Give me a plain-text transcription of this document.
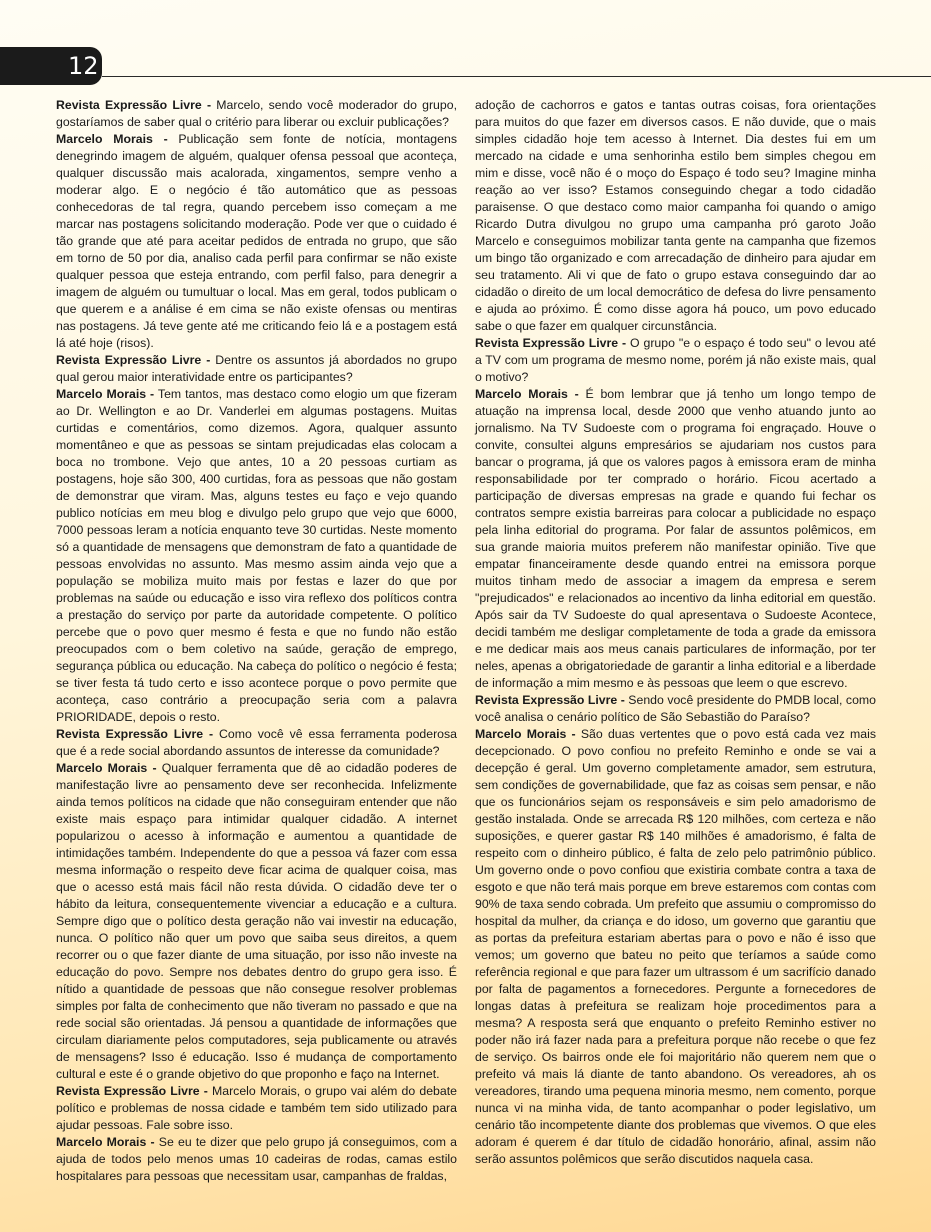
12

Revista Expressão Livre - Marcelo, sendo você moderador do grupo, gostaríamos de saber qual o critério para liberar ou excluir publicações?

Marcelo Morais - Publicação sem fonte de notícia, montagens denegrindo imagem de alguém, qualquer ofensa pessoal que aconteça, qualquer discussão mais acalorada, xingamentos, sempre venho a moderar algo. E o negócio é tão automático que as pessoas conhecedoras de tal regra, quando percebem isso começam a me marcar nas postagens solicitando moderação. Pode ver que o cuidado é tão grande que até para aceitar pedidos de entrada no grupo, que são em torno de 50 por dia, analiso cada perfil para confirmar se não existe qualquer pessoa que esteja entrando, com perfil falso, para denegrir a imagem de alguém ou tumultuar o local. Mas em geral, todos publicam o que querem e a análise é em cima se não existe ofensas ou mentiras nas postagens. Já teve gente até me criticando feio lá e a postagem está lá até hoje (risos).

Revista Expressão Livre - Dentre os assuntos já abordados no grupo qual gerou maior interatividade entre os participantes?

Marcelo Morais - Tem tantos, mas destaco como elogio um que fizeram ao Dr. Wellington e ao Dr. Vanderlei em algumas postagens. Muitas curtidas e comentários, como dizemos. Agora, qualquer assunto momentâneo e que as pessoas se sintam prejudicadas elas colocam a boca no trombone. Vejo que antes, 10 a 20 pessoas curtiam as postagens, hoje são 300, 400 curtidas, fora as pessoas que não gostam de demonstrar que viram. Mas, alguns testes eu faço e vejo quando publico notícias em meu blog e divulgo pelo grupo que vejo que 6000, 7000 pessoas leram a notícia enquanto teve 30 curtidas. Neste momento só a quantidade de mensagens que demonstram de fato a quantidade de pessoas envolvidas no assunto. Mas mesmo assim ainda vejo que a população se mobiliza muito mais por festas e lazer do que por problemas na saúde ou educação e isso vira reflexo dos políticos contra a prestação do serviço por parte da autoridade competente. O político percebe que o povo quer mesmo é festa e que no fundo não estão preocupados com o bem coletivo na saúde, geração de emprego, segurança pública ou educação. Na cabeça do político o negócio é festa; se tiver festa tá tudo certo e isso acontece porque o povo permite que aconteça, caso contrário a preocupação seria com a palavra PRIORIDADE, depois o resto.

Revista Expressão Livre - Como você vê essa ferramenta poderosa que é a rede social abordando assuntos de interesse da comunidade?

Marcelo Morais - Qualquer ferramenta que dê ao cidadão poderes de manifestação livre ao pensamento deve ser reconhecida. Infelizmente ainda temos políticos na cidade que não conseguiram entender que não existe mais espaço para intimidar qualquer cidadão. A internet popularizou o acesso à informação e aumentou a quantidade de intimidações também. Independente do que a pessoa vá fazer com essa mesma informação o respeito deve ficar acima de qualquer coisa, mas que o acesso está mais fácil não resta dúvida. O cidadão deve ter o hábito da leitura, consequentemente vivenciar a educação e a cultura. Sempre digo que o político desta geração não vai investir na educação, nunca. O político não quer um povo que saiba seus direitos, a quem recorrer ou o que fazer diante de uma situação, por isso não investe na educação do povo. Sempre nos debates dentro do grupo gera isso. É nítido a quantidade de pessoas que não consegue resolver problemas simples por falta de conhecimento que não tiveram no passado e que na rede social são orientadas. Já pensou a quantidade de informações que circulam diariamente pelos computadores, seja publicamente ou através de mensagens? Isso é educação. Isso é mudança de comportamento cultural e este é o grande objetivo do que proponho e faço na Internet.

Revista Expressão Livre - Marcelo Morais, o grupo vai além do debate político e problemas de nossa cidade e também tem sido utilizado para ajudar pessoas. Fale sobre isso.

Marcelo Morais - Se eu te dizer que pelo grupo já conseguimos, com a ajuda de todos pelo menos umas 10 cadeiras de rodas, camas estilo hospitalares para pessoas que necessitam usar, campanhas de fraldas,

adoção de cachorros e gatos e tantas outras coisas, fora orientações para muitos do que fazer em diversos casos. E não duvide, que o mais simples cidadão hoje tem acesso à Internet. Dia destes fui em um mercado na cidade e uma senhorinha estilo bem simples chegou em mim e disse, você não é o moço do Espaço é todo seu? Imagine minha reação ao ver isso? Estamos conseguindo chegar a todo cidadão paraisense. O que destaco como maior campanha foi quando o amigo Ricardo Dutra divulgou no grupo uma campanha pró garoto João Marcelo e conseguimos mobilizar tanta gente na campanha que fizemos um bingo tão organizado e com arrecadação de dinheiro para ajudar em seu tratamento. Ali vi que de fato o grupo estava conseguindo dar ao cidadão o direito de um local democrático de defesa do livre pensamento e ajuda ao próximo. É como disse agora há pouco, um povo educado sabe o que fazer em qualquer circunstância.

Revista Expressão Livre - O grupo "e o espaço é todo seu" o levou até a TV com um programa de mesmo nome, porém já não existe mais, qual o motivo?

Marcelo Morais - É bom lembrar que já tenho um longo tempo de atuação na imprensa local, desde 2000 que venho atuando junto ao jornalismo. Na TV Sudoeste com o programa foi engraçado. Houve o convite, consultei alguns empresários se ajudariam nos custos para bancar o programa, já que os valores pagos à emissora eram de minha responsabilidade por ter comprado o horário. Ficou acertado a participação de diversas empresas na grade e quando fui fechar os contratos sempre existia barreiras para colocar a publicidade no espaço pela linha editorial do programa. Por falar de assuntos polêmicos, em sua grande maioria muitos preferem não manifestar opinião. Tive que empatar financeiramente desde quando entrei na emissora porque muitos tinham medo de associar a imagem da empresa e serem "prejudicados" e relacionados ao incentivo da linha editorial em questão. Após sair da TV Sudoeste do qual apresentava o Sudoeste Acontece, decidi também me desligar completamente de toda a grade da emissora e me dedicar mais aos meus canais particulares de informação, por ter neles, apenas a obrigatoriedade de garantir a linha editorial e a liberdade de informação a mim mesmo e às pessoas que leem o que escrevo.

Revista Expressão Livre - Sendo você presidente do PMDB local, como você analisa o cenário político de São Sebastião do Paraíso?

Marcelo Morais - São duas vertentes que o povo está cada vez mais decepcionado. O povo confiou no prefeito Reminho e onde se vai a decepção é geral. Um governo completamente amador, sem estrutura, sem condições de governabilidade, que faz as coisas sem pensar, e não que os funcionários sejam os responsáveis e sim pelo amadorismo de gestão instalada. Onde se arrecada R$ 120 milhões, com certeza e não suposições, e querer gastar R$ 140 milhões é amadorismo, é falta de respeito com o dinheiro público, é falta de zelo pelo patrimônio público. Um governo onde o povo confiou que existiria combate contra a taxa de esgoto e que não terá mais porque em breve estaremos com contas com 90% de taxa sendo cobrada. Um prefeito que assumiu o compromisso do hospital da mulher, da criança e do idoso, um governo que garantiu que as portas da prefeitura estariam abertas para o povo e não é isso que vemos; um governo que bateu no peito que teríamos a saúde como referência regional e que para fazer um ultrassom é um sacrifício danado por falta de pagamentos a fornecedores. Pergunte a fornecedores de longas datas à prefeitura se realizam hoje procedimentos para a mesma? A resposta será que enquanto o prefeito Reminho estiver no poder não irá fazer nada para a prefeitura porque não recebe o que fez de serviço. Os bairros onde ele foi majoritário não querem nem que o prefeito vá mais lá diante de tanto abandono. Os vereadores, ah os vereadores, tirando uma pequena minoria mesmo, nem comento, porque nunca vi na minha vida, de tanto acompanhar o poder legislativo, um cenário tão incompetente diante dos problemas que vivemos. O que eles adoram é querem é dar título de cidadão honorário, afinal, assim não serão assuntos polêmicos que serão discutidos naquela casa.
